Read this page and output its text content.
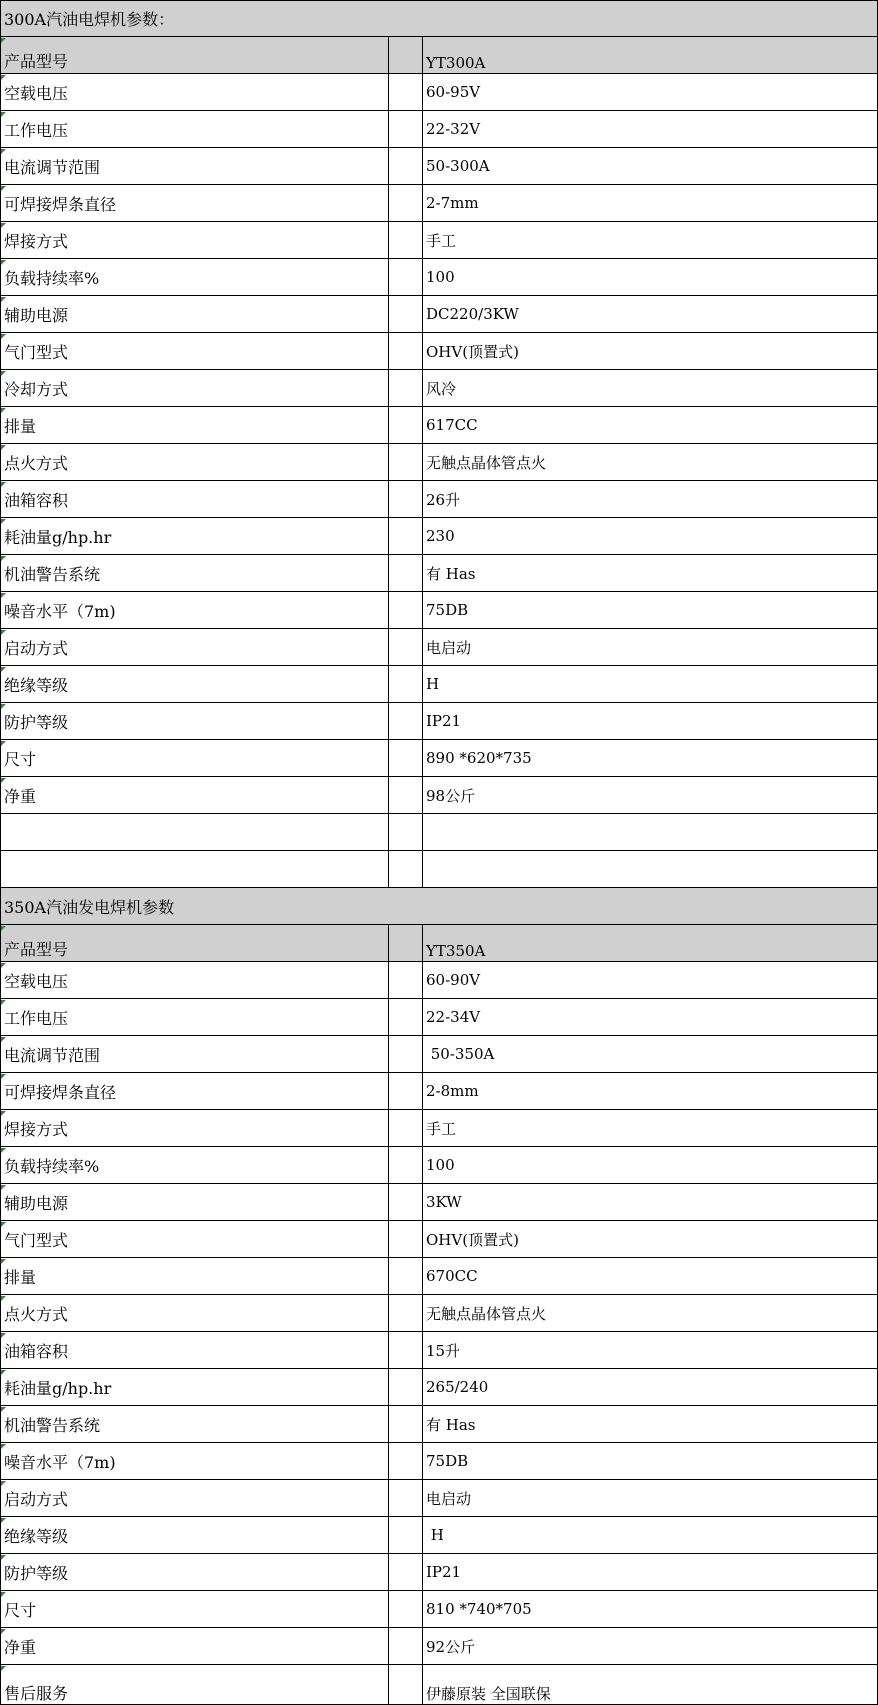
300A汽油电焊机参数：
产品型号	YT300A
空载电压	60-95V
工作电压	22-32V
电流调节范围	50-300A
可焊接焊条直径	2-7mm
焊接方式	手工
负载持续率%	100
辅助电源	DC220/3KW
气门型式	OHV(顶置式)
冷却方式	风冷
排量	617CC
点火方式	无触点晶体管点火
油箱容积	26升
耗油量g/hp.hr	230
机油警告系统	有 Has
噪音水平（7m)	75DB
启动方式	电启动
绝缘等级	H
防护等级	IP21
尺寸	890 *620*735
净重	98公斤
350A汽油发电焊机参数
产品型号	YT350A
空载电压	60-90V
工作电压	22-34V
电流调节范围	50-350A
可焊接焊条直径	2-8mm
焊接方式	手工
负载持续率%	100
辅助电源	3KW
气门型式	OHV(顶置式)
排量	670CC
点火方式	无触点晶体管点火
油箱容积	15升
耗油量g/hp.hr	265/240
机油警告系统	有 Has
噪音水平（7m)	75DB
启动方式	电启动
绝缘等级	H
防护等级	IP21
尺寸	810 *740*705
净重	92公斤
售后服务	伊藤原装 全国联保
